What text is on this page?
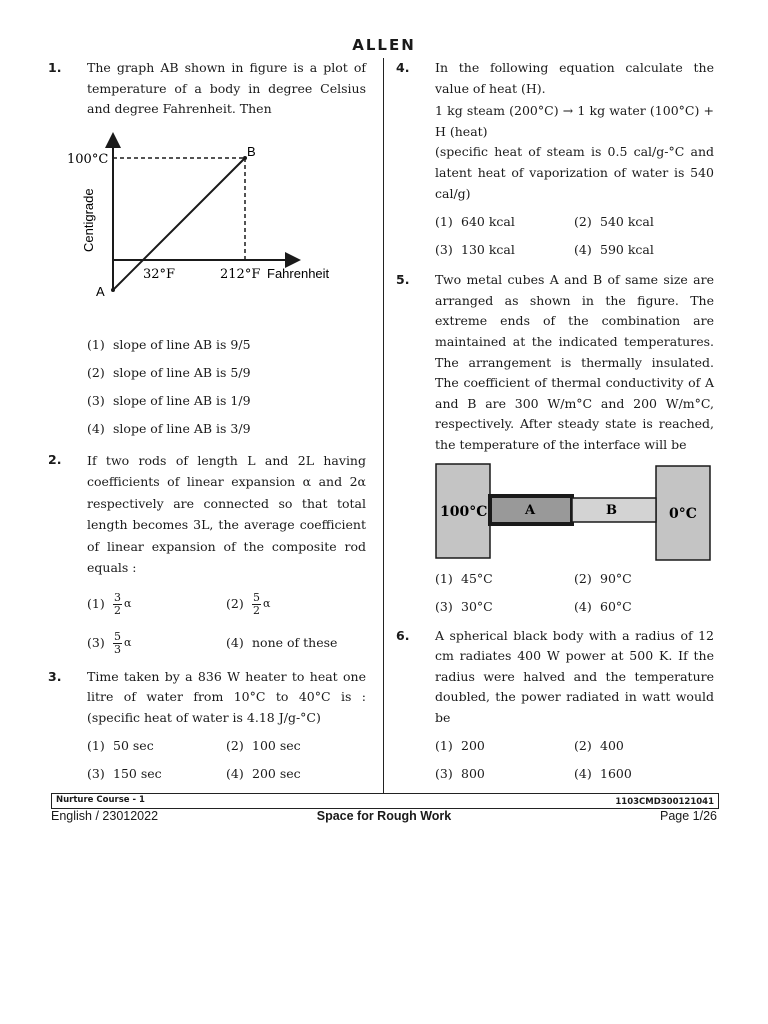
ALLEN
1. The graph AB shown in figure is a plot of temperature of a body in degree Celsius and degree Fahrenheit. Then
100°C
Centigrade
32°F	212°F Fahrenheit
A
B
(1) slope of line AB is 9/5
(2) slope of line AB is 5/9
(3) slope of line AB is 1/9
(4) slope of line AB is 3/9
2. If two rods of length L and 2L having coefficients of linear expansion α and 2α respectively are connected so that total length becomes 3L, the average coefficient of linear expansion of the composite rod equals :
$(1) \frac{3}{2}$ α	$(2) \frac{5}{2}$ α
$(3) \frac{5}{3}$ α	(4) none of these
3. Time taken by a 836 W heater to heat one litre of water from 10°C to 40°C is :(specific heat of water is 4.18 J/g-°C)
(1) 50 sec	(2) 100 sec
(3) 150 sec	(4) 200 sec
4. In the following equation calculate the value of heat (H).
1 kg steam (200°C) → 1 kg water (100°C) + H (heat)
(specific heat of steam is 0.5 cal/g-°C and latent heat of vaporization of water is 540 cal/g)
(1) 640 kcal	(2) 540 kcal
(3) 130 kcal	(4) 590 kcal
5. Two metal cubes A and B of same size are arranged as shown in the figure. The extreme ends of the combination are maintained at the indicated temperatures. The arrangement is thermally insulated. The coefficient of thermal conductivity of A and B are 300 W/m°C and 200 W/m°C, respectively. After steady state is reached, the temperature of the interface will be
100°C	A	B	0°C
(1) 45°C	(2) 90°C
(3) 30°C	(4) 60°C
6. A spherical black body with a radius of 12 cm radiates 400 W power at 500 K. If the radius were halved and the temperature doubled, the power radiated in watt would be
(1) 200	(2) 400
(3) 800	(4) 1600
Nurture Course - 1	1103CMD300121041
English / 23012022	Space for Rough Work	Page 1/26
